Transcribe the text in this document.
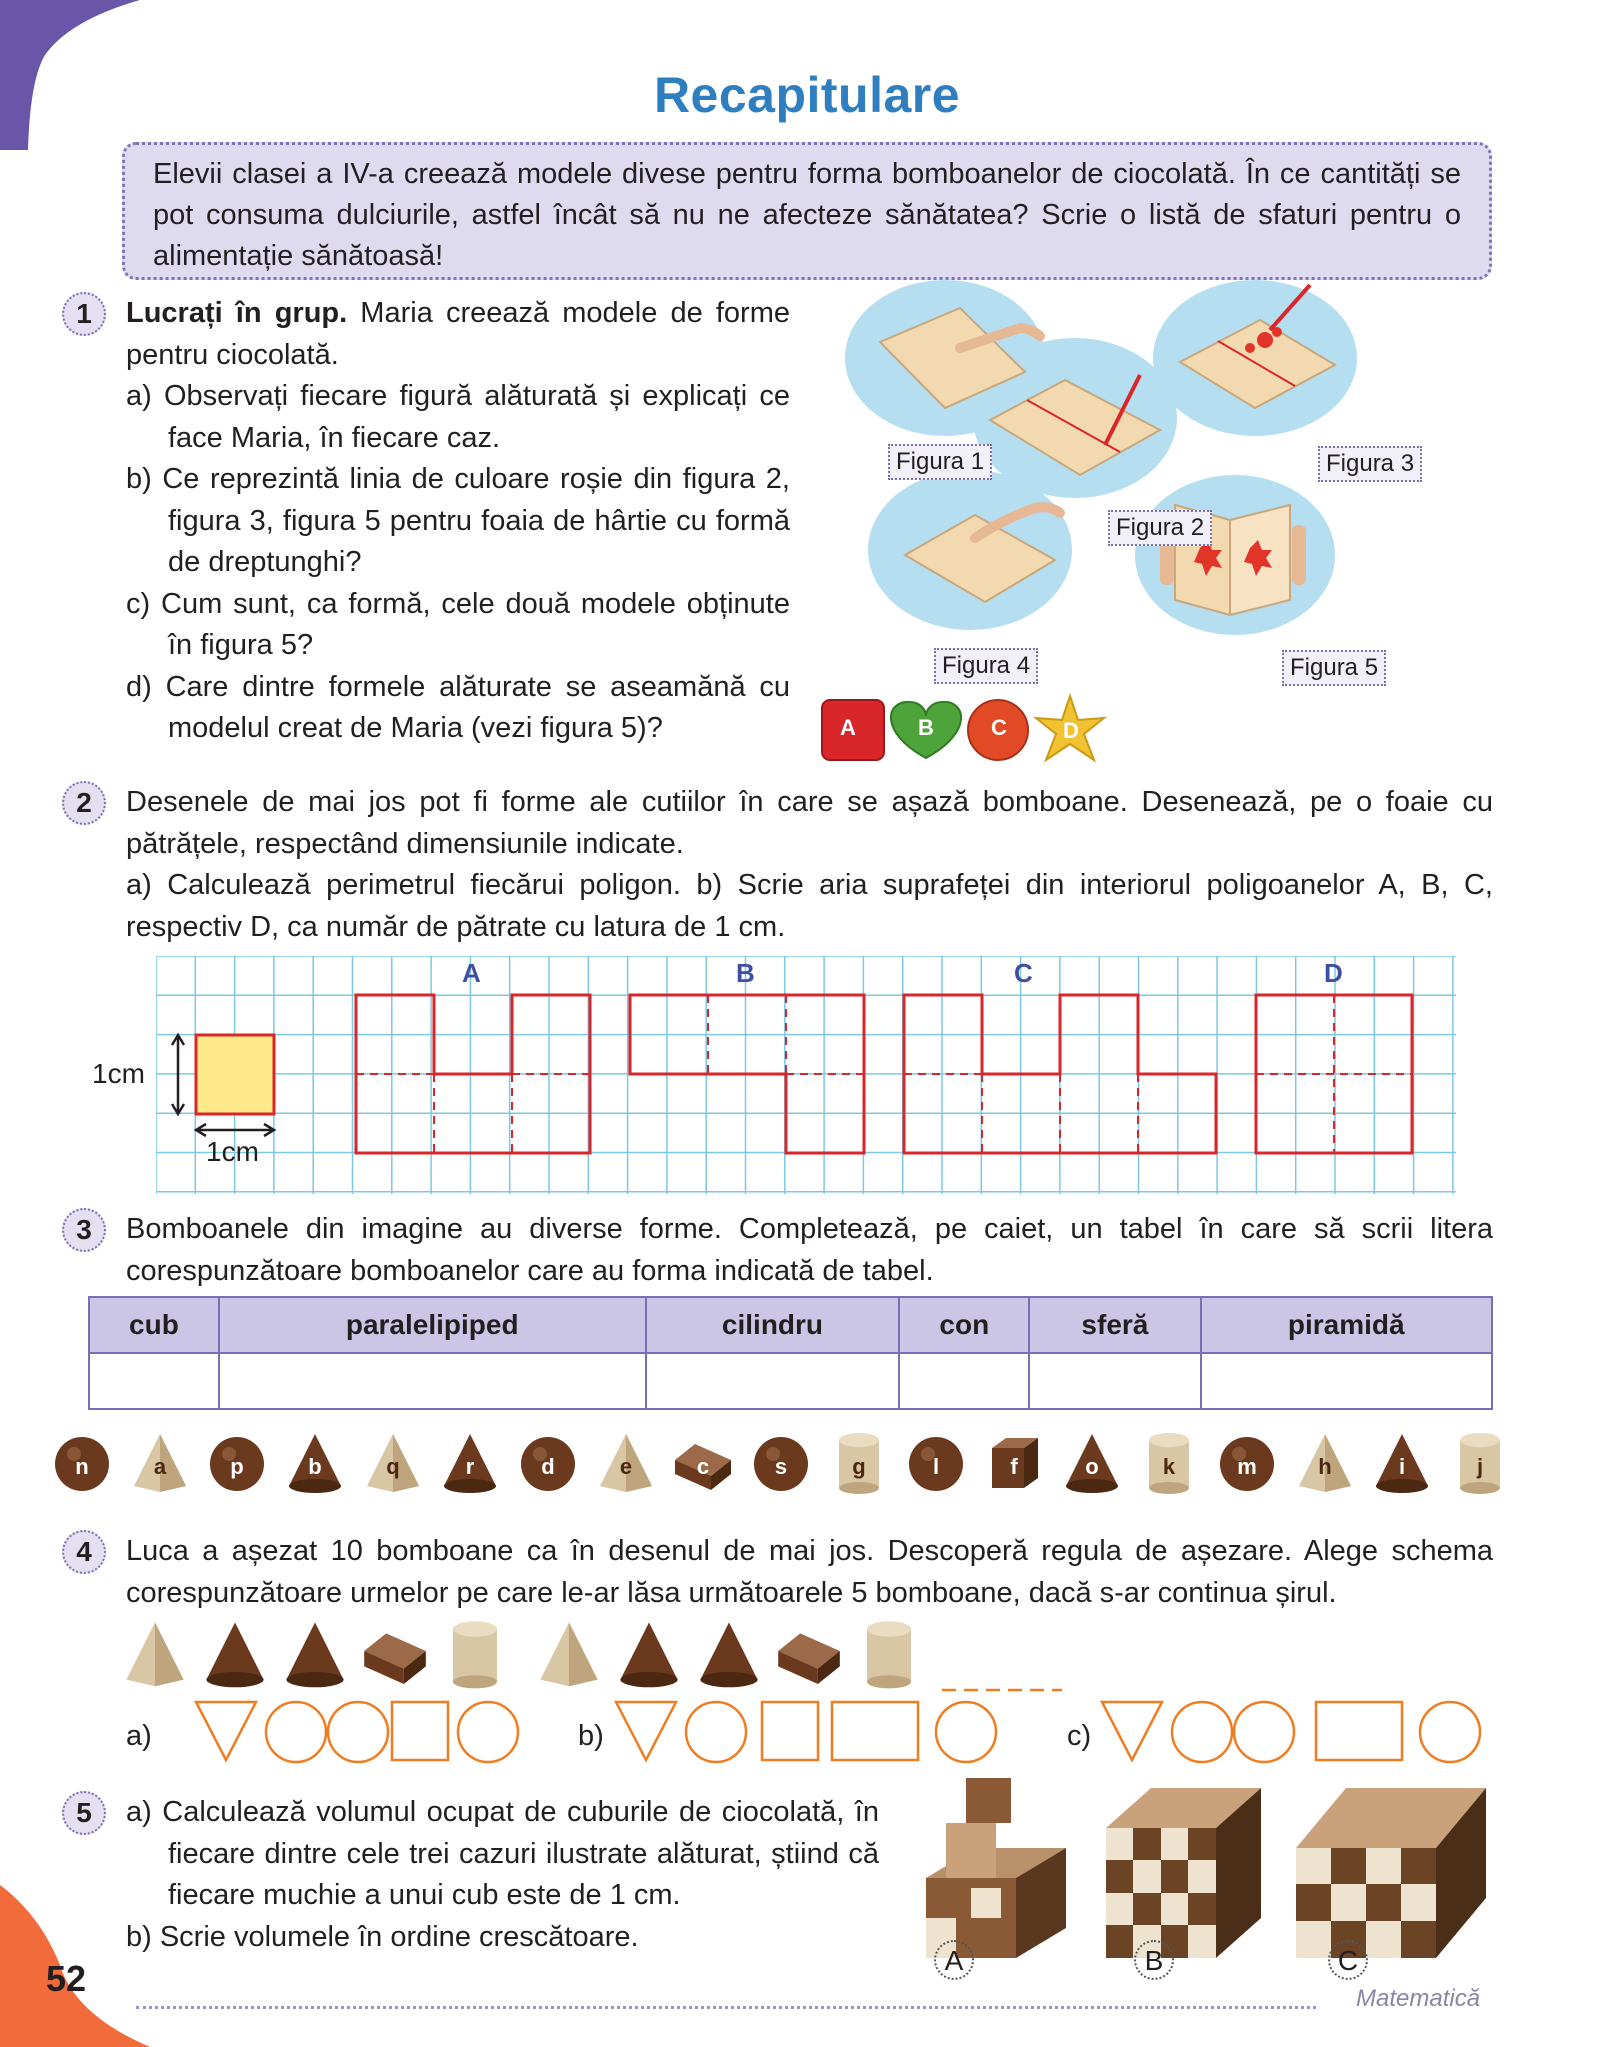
Recapitulare
Elevii clasei a IV-a creează modele divese pentru forma bomboanelor de ciocolată. În ce cantități se pot consuma dulciurile, astfel încât să nu ne afecteze sănătatea? Scrie o listă de sfaturi pentru o alimentație sănătoasă!
1	Lucrați în grup. Maria creează modele de forme pentru ciocolată.
a) Observați fiecare figură alăturată și explicați ce face Maria, în fiecare caz.
b) Ce reprezintă linia de culoare roșie din figura 2, figura 3, figura 5 pentru foaia de hârtie cu formă de dreptunghi?
c) Cum sunt, ca formă, cele două modele obținute în figura 5?
d) Care dintre formele alăturate se aseamănă cu modelul creat de Maria (vezi figura 5)?
Figura 1
Figura 2
Figura 3
Figura 4	Figura 5
A	B	C	D
2	Desenele de mai jos pot fi forme ale cutiilor în care se așază bomboane. Desenează, pe o foaie cu pătrățele, respectând dimensiunile indicate.
a) Calculează perimetrul fiecărui poligon. b) Scrie aria suprafeței din interiorul poligoanelor A, B, C, respectiv D, ca număr de pătrate cu latura de 1 cm.
1cm
1cm
A	B	C	D
3	Bomboanele din imagine au diverse forme. Completează, pe caiet, un tabel în care să scrii litera corespunzătoare bomboanelor care au forma indicată de tabel.
cub	paralelipiped	cilindru	con	sferă	piramidă

n	a	p	b	q	r	d	e	c	s	g	l	f	o	k	m	h	i	j
4	Luca a așezat 10 bomboane ca în desenul de mai jos. Descoperă regula de așezare. Alege schema corespunzătoare urmelor pe care le-ar lăsa următoarele 5 bomboane, dacă s-ar continua șirul.
a)	b)	c)
5	a) Calculează volumul ocupat de cuburile de ciocolată, în fiecare dintre cele trei cazuri ilustrate alăturat, știind că fiecare muchie a unui cub este de 1 cm.
b) Scrie volumele în ordine crescătoare.
A	B	C
52	Matematică
